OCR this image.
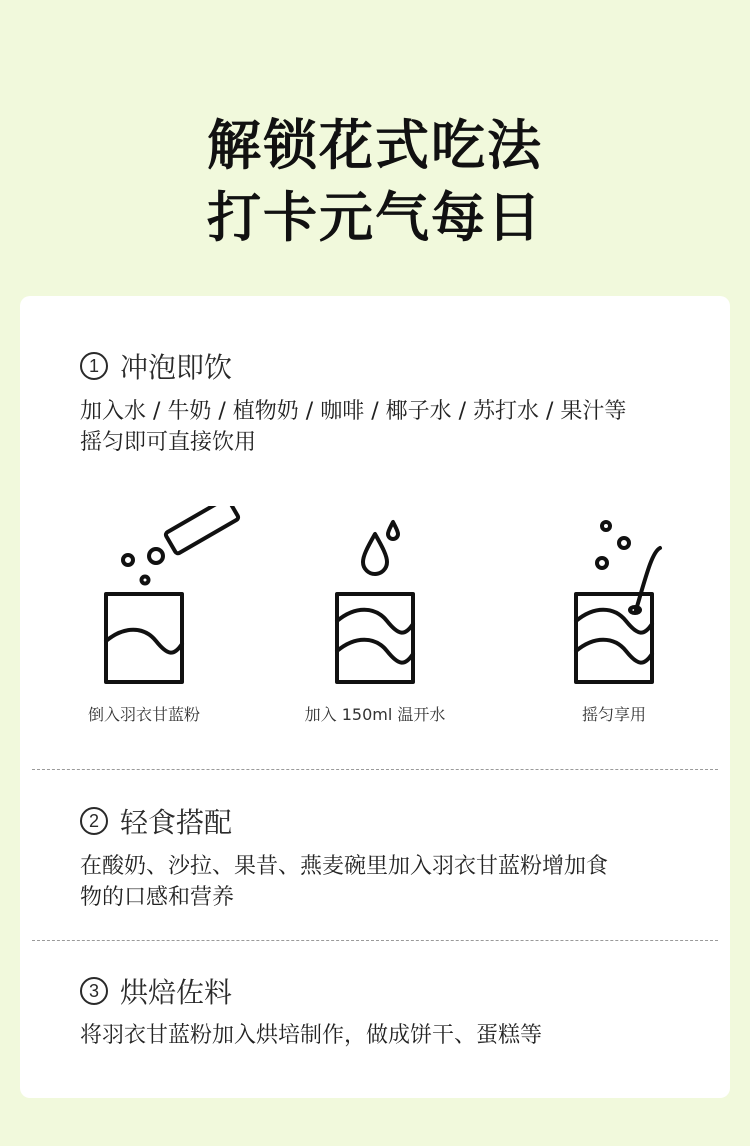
解锁花式吃法
打卡元气每日
1 冲泡即饮
加入水 / 牛奶 / 植物奶 / 咖啡 / 椰子水 / 苏打水 / 果汁等
摇匀即可直接饮用
倒入羽衣甘蓝粉	加入 150ml 温开水	摇匀享用
2 轻食搭配
在酸奶、沙拉、果昔、燕麦碗里加入羽衣甘蓝粉增加食
物的口感和营养
3 烘焙佐料
将羽衣甘蓝粉加入烘培制作，做成饼干、蛋糕等
